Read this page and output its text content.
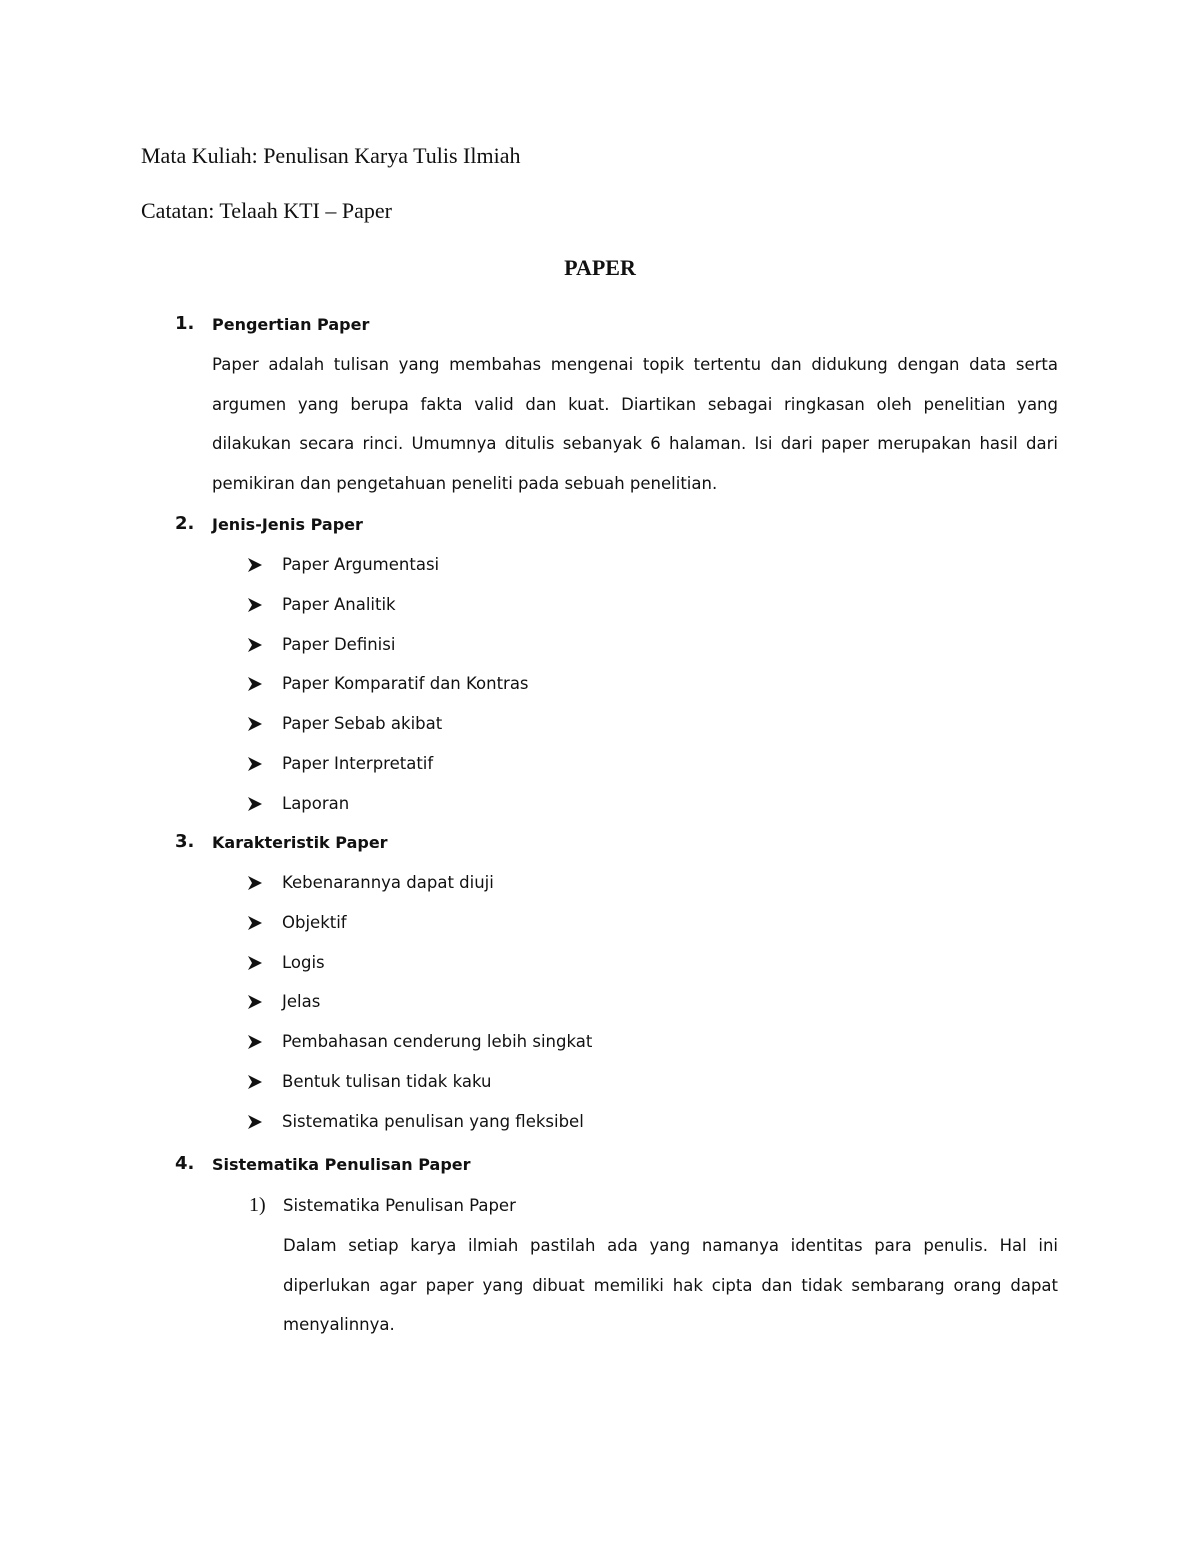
Mata Kuliah: Penulisan Karya Tulis Ilmiah
Catatan: Telaah KTI – Paper
PAPER
1. Pengertian Paper

Paper adalah tulisan yang membahas mengenai topik tertentu dan didukung dengan data serta argumen yang berupa fakta valid dan kuat. Diartikan sebagai ringkasan oleh penelitian yang dilakukan secara rinci. Umumnya ditulis sebanyak 6 halaman. Isi dari paper merupakan hasil dari pemikiran dan pengetahuan peneliti pada sebuah penelitian.

2. Jenis-Jenis Paper
Paper Argumentasi
Paper Analitik
Paper Definisi
Paper Komparatif dan Kontras
Paper Sebab akibat
Paper Interpretatif
Laporan
3. Karakteristik Paper
Kebenarannya dapat diuji
Objektif
Logis
Jelas
Pembahasan cenderung lebih singkat
Bentuk tulisan tidak kaku
Sistematika penulisan yang fleksibel
4. Sistematika Penulisan Paper
1) Sistematika Penulisan Paper

Dalam setiap karya ilmiah pastilah ada yang namanya identitas para penulis. Hal ini diperlukan agar paper yang dibuat memiliki hak cipta dan tidak sembarang orang dapat menyalinnya.
